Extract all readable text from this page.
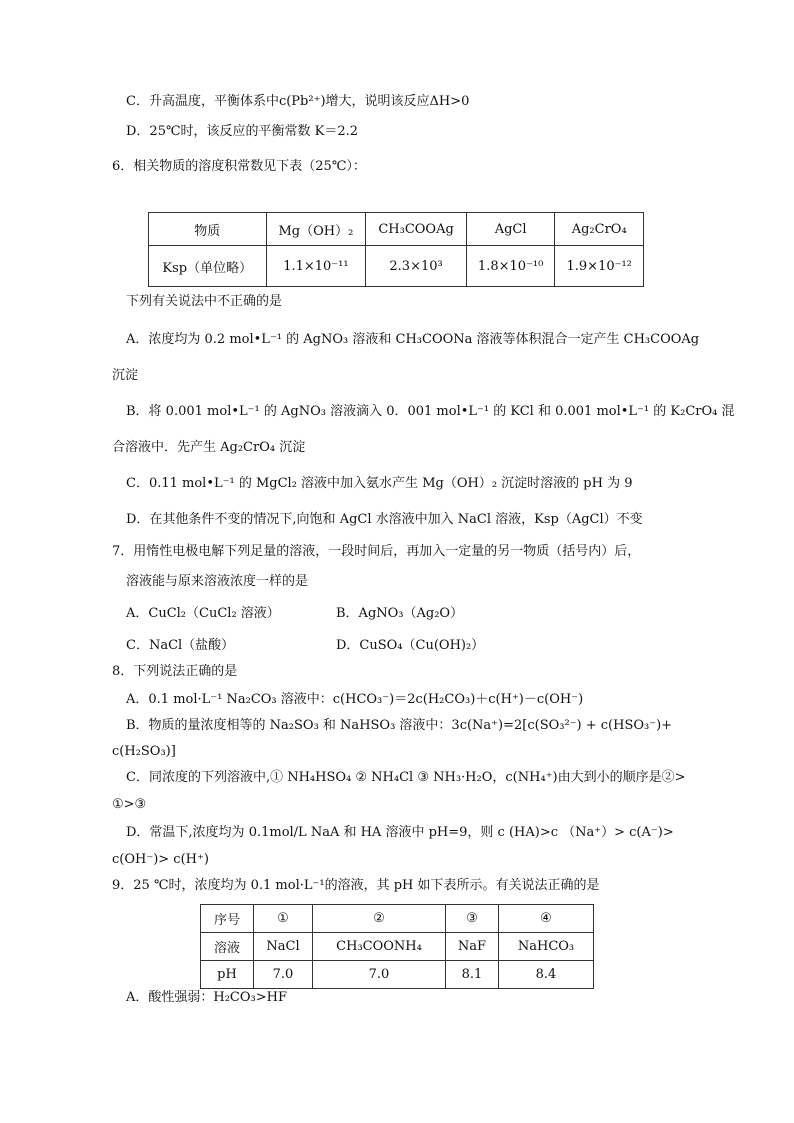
C．升高温度，平衡体系中c(Pb²⁺)增大，说明该反应ΔH>0
D．25℃时，该反应的平衡常数 K＝2.2
6．相关物质的溶度积常数见下表（25℃）：
物质	Mg（OH）₂	CH₃COOAg	AgCl	Ag₂CrO₄
Ksp（单位略）	1.1×10⁻¹¹	2.3×10³	1.8×10⁻¹⁰	1.9×10⁻¹²
下列有关说法中不正确的是
A．浓度均为 0.2 mol•L⁻¹ 的 AgNO₃ 溶液和 CH₃COONa 溶液等体积混合一定产生 CH₃COOAg
沉淀
B．将 0.001 mol•L⁻¹ 的 AgNO₃ 溶液滴入 0．001 mol•L⁻¹ 的 KCl 和 0.001 mol•L⁻¹ 的 K₂CrO₄ 混
合溶液中．先产生 Ag₂CrO₄ 沉淀
C．0.11 mol•L⁻¹ 的 MgCl₂ 溶液中加入氨水产生 Mg（OH）₂ 沉淀时溶液的 pH 为 9
D．在其他条件不变的情况下,向饱和 AgCl 水溶液中加入 NaCl 溶液，Ksp（AgCl）不变
7．用惰性电极电解下列足量的溶液，一段时间后，再加入一定量的另一物质（括号内）后，
溶液能与原来溶液浓度一样的是
A．CuCl₂（CuCl₂ 溶液）	B．AgNO₃（Ag₂O）
C．NaCl（盐酸）	D．CuSO₄（Cu(OH)₂）
8．下列说法正确的是
A．0.1 mol·L⁻¹ Na₂CO₃ 溶液中：c(HCO₃⁻)＝2c(H₂CO₃)＋c(H⁺)－c(OH⁻)
B．物质的量浓度相等的 Na₂SO₃ 和 NaHSO₃ 溶液中：3c(Na⁺)=2[c(SO₃²⁻) + c(HSO₃⁻)+
c(H₂SO₃)]
C．同浓度的下列溶液中,① NH₄HSO₄ ② NH₄Cl ③ NH₃·H₂O，c(NH₄⁺)由大到小的顺序是②>
①>③
D．常温下,浓度均为 0.1mol/L NaA 和 HA 溶液中 pH=9，则 c (HA)>c （Na⁺）> c(A⁻)>
c(OH⁻)> c(H⁺)
9．25 ℃时，浓度均为 0.1 mol·L⁻¹的溶液，其 pH 如下表所示。有关说法正确的是
序号	①	②	③	④
溶液	NaCl	CH₃COONH₄	NaF	NaHCO₃
pH	7.0	7.0	8.1	8.4
A．酸性强弱：H₂CO₃>HF
